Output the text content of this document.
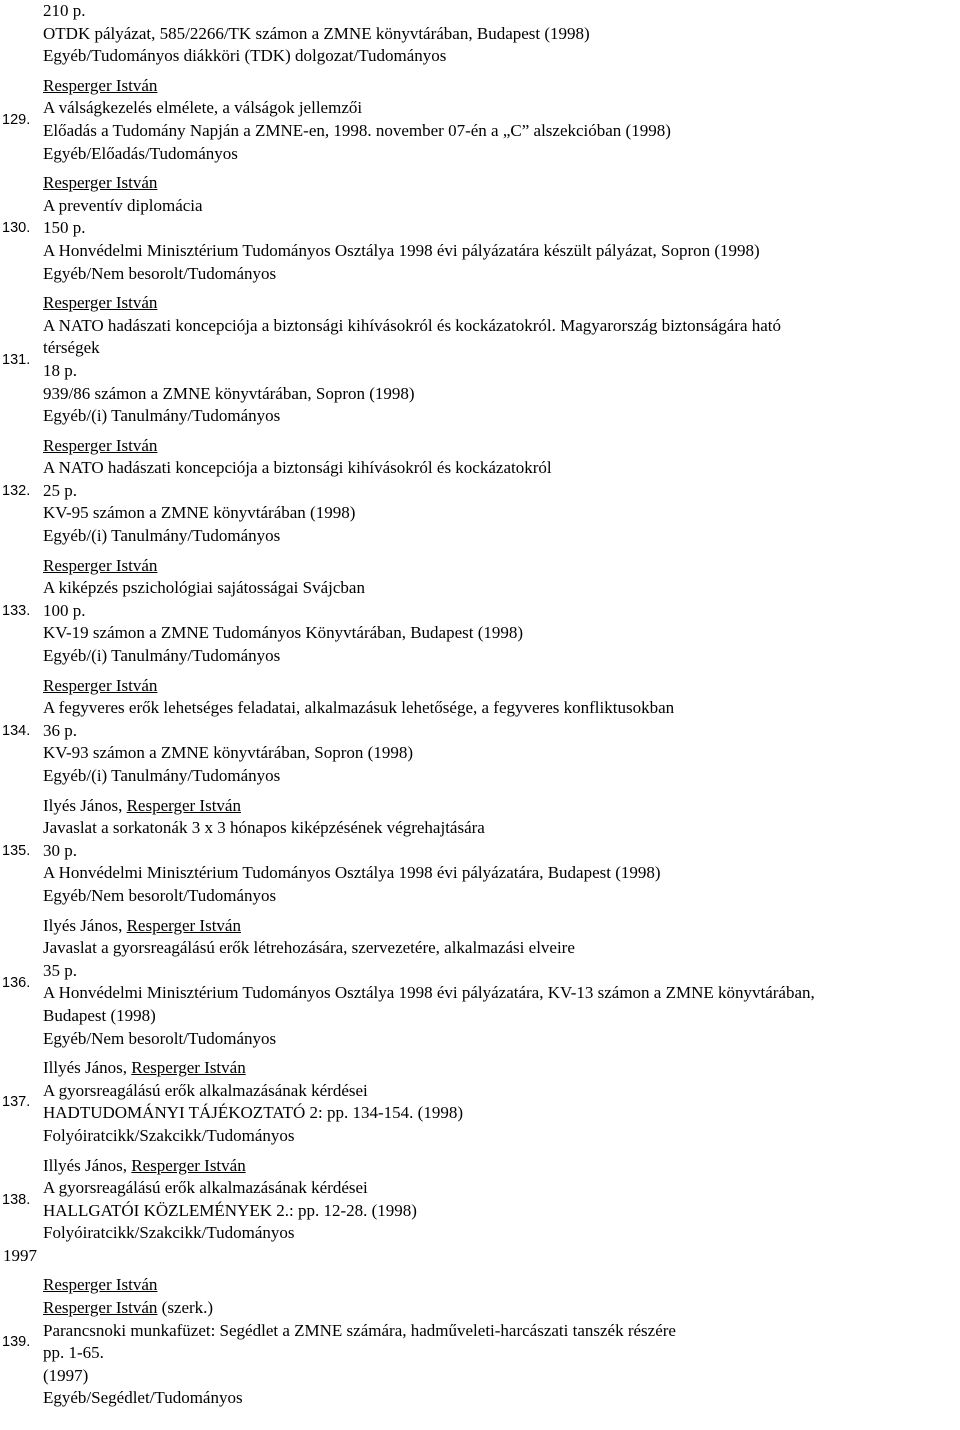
210 p.
OTDK pályázat, 585/2266/TK számon a ZMNE könyvtárában, Budapest (1998)
Egyéb/Tudományos diákköri (TDK) dolgozat/Tudományos
129.
Resperger István
A válságkezelés elmélete, a válságok jellemzői
Előadás a Tudomány Napján a ZMNE-en, 1998. november 07-én a „C” alszekcióban (1998)
Egyéb/Előadás/Tudományos
130.
Resperger István
A preventív diplomácia
150 p.
A Honvédelmi Minisztérium Tudományos Osztálya 1998 évi pályázatára készült pályázat, Sopron (1998)
Egyéb/Nem besorolt/Tudományos
131.
Resperger István
A NATO hadászati koncepciója a biztonsági kihívásokról és kockázatokról. Magyarország biztonságára ható
térségek
18 p.
939/86 számon a ZMNE könyvtárában, Sopron (1998)
Egyéb/(i) Tanulmány/Tudományos
132.
Resperger István
A NATO hadászati koncepciója a biztonsági kihívásokról és kockázatokról
25 p.
KV-95 számon a ZMNE könyvtárában (1998)
Egyéb/(i) Tanulmány/Tudományos
133.
Resperger István
A kiképzés pszichológiai sajátosságai Svájcban
100 p.
KV-19 számon a ZMNE Tudományos Könyvtárában, Budapest (1998)
Egyéb/(i) Tanulmány/Tudományos
134.
Resperger István
A fegyveres erők lehetséges feladatai, alkalmazásuk lehetősége, a fegyveres konfliktusokban
36 p.
KV-93 számon a ZMNE könyvtárában, Sopron (1998)
Egyéb/(i) Tanulmány/Tudományos
135.
Ilyés János, Resperger István
Javaslat a sorkatonák 3 x 3 hónapos kiképzésének végrehajtására
30 p.
A Honvédelmi Minisztérium Tudományos Osztálya 1998 évi pályázatára, Budapest (1998)
Egyéb/Nem besorolt/Tudományos
136.
Ilyés János, Resperger István
Javaslat a gyorsreagálású erők létrehozására, szervezetére, alkalmazási elveire
35 p.
A Honvédelmi Minisztérium Tudományos Osztálya 1998 évi pályázatára, KV-13 számon a ZMNE könyvtárában,
Budapest (1998)
Egyéb/Nem besorolt/Tudományos
137.
Illyés János, Resperger István
A gyorsreagálású erők alkalmazásának kérdései
HADTUDOMÁNYI TÁJÉKOZTATÓ 2: pp. 134-154. (1998)
Folyóiratcikk/Szakcikk/Tudományos
138.
Illyés János, Resperger István
A gyorsreagálású erők alkalmazásának kérdései
HALLGATÓI KÖZLEMÉNYEK 2.: pp. 12-28. (1998)
Folyóiratcikk/Szakcikk/Tudományos
1997
139.
Resperger István
Resperger István (szerk.)
Parancsnoki munkafüzet: Segédlet a ZMNE számára, hadműveleti-harcászati tanszék részére
pp. 1-65.
(1997)
Egyéb/Segédlet/Tudományos
